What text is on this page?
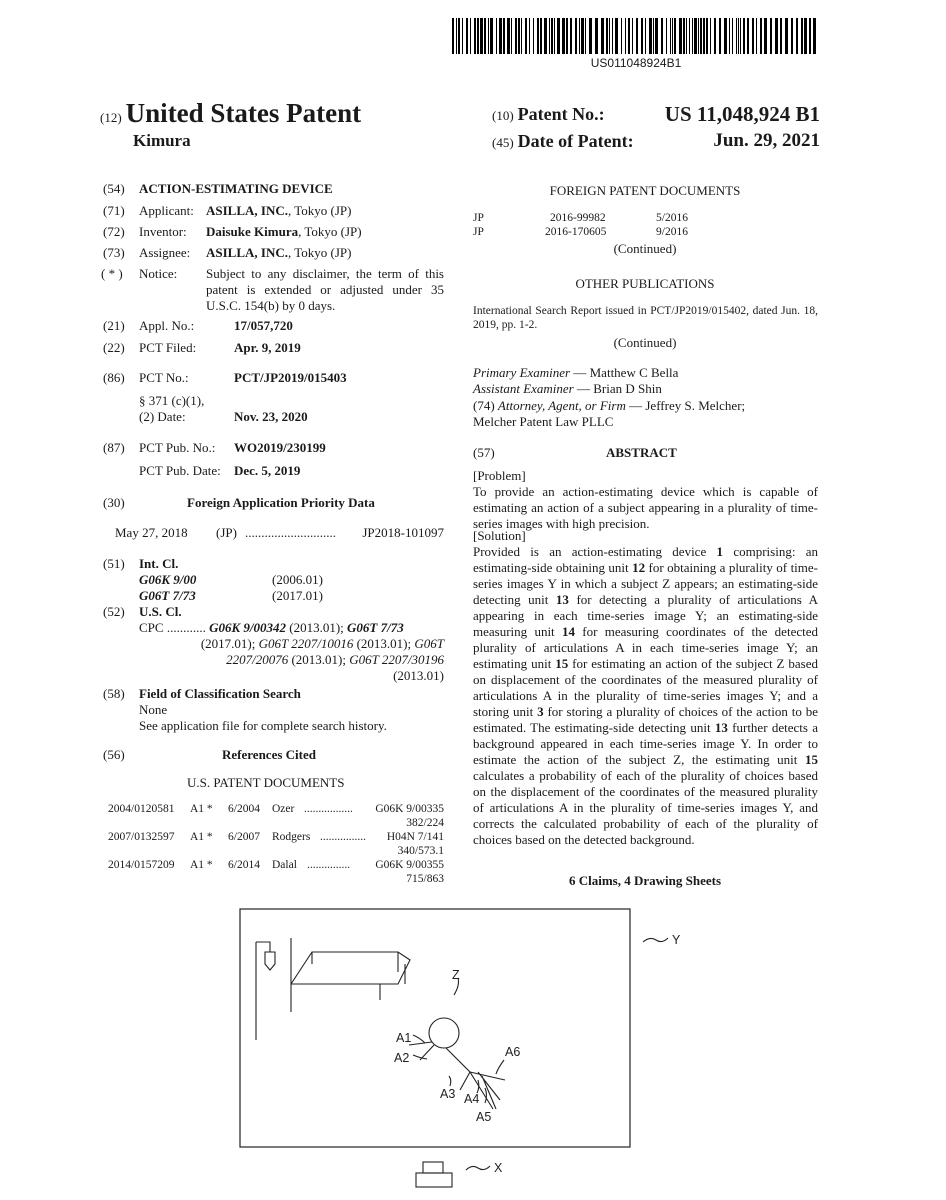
US011048924B1
(12) United States Patent
Kimura
(10) Patent No.:	US 11,048,924 B1
(45) Date of Patent:	Jun. 29, 2021
(54) ACTION-ESTIMATING DEVICE
(71) Applicant: ASILLA, INC., Tokyo (JP)
(72) Inventor: Daisuke Kimura, Tokyo (JP)
(73) Assignee: ASILLA, INC., Tokyo (JP)
( * ) Notice: Subject to any disclaimer, the term of this patent is extended or adjusted under 35 U.S.C. 154(b) by 0 days.
(21) Appl. No.:	17/057,720
(22) PCT Filed:	Apr. 9, 2019
(86) PCT No.:	PCT/JP2019/015403
§ 371 (c)(1),
(2) Date:	Nov. 23, 2020
(87) PCT Pub. No.: WO2019/230199
PCT Pub. Date: Dec. 5, 2019
(30)	Foreign Application Priority Data
May 27, 2018 (JP) ............................ JP2018-101097
(51) Int. Cl.
G06K 9/00	(2006.01)
G06T 7/73	(2017.01)
(52) U.S. Cl.
CPC ............ G06K 9/00342 (2013.01); G06T 7/73
(2017.01); G06T 2207/10016 (2013.01); G06T
2207/20076 (2013.01); G06T 2207/30196
(2013.01)
(58) Field of Classification Search
None
See application file for complete search history.
(56)	References Cited
U.S. PATENT DOCUMENTS
2004/0120581 A1 * 6/2004 Ozer ................. G06K 9/00335
382/224
2007/0132597 A1 * 6/2007 Rodgers ................ H04N 7/141
340/573.1
2014/0157209 A1 * 6/2014 Dalal ............... G06K 9/00355
715/863
FOREIGN PATENT DOCUMENTS
JP	2016-99982	5/2016
JP	2016-170605	9/2016
(Continued)
OTHER PUBLICATIONS
International Search Report issued in PCT/JP2019/015402, dated Jun. 18, 2019, pp. 1-2.
(Continued)
Primary Examiner — Matthew C Bella
Assistant Examiner — Brian D Shin
(74) Attorney, Agent, or Firm — Jeffrey S. Melcher;
Melcher Patent Law PLLC
(57)	ABSTRACT
[Problem]
To provide an action-estimating device which is capable of estimating an action of a subject appearing in a plurality of time-series images with high precision.
[Solution]
Provided is an action-estimating device 1 comprising: an estimating-side obtaining unit 12 for obtaining a plurality of time-series images Y in which a subject Z appears; an estimating-side detecting unit 13 for detecting a plurality of articulations A appearing in each time-series image Y; an estimating-side measuring unit 14 for measuring coordinates of the detected plurality of articulations A in each time-series image Y; an estimating unit 15 for estimating an action of the subject Z based on displacement of the coordinates of the measured plurality of articulations A in the plurality of time-series images Y; and a storing unit 3 for storing a plurality of choices of the action to be estimated. The estimating-side detecting unit 13 further detects a background appeared in each time-series image Y. In order to estimate the action of the subject Z, the estimating unit 15 calculates a probability of each of the plurality of choices based on the displacement of the coordinates of the measured plurality of articulations A in the plurality of time-series images Y, and corrects the calculated probability of each of the plurality of choices based on the detected background.
6 Claims, 4 Drawing Sheets
Y
Z
A1
A2
A3 A4
A5
A6
X
